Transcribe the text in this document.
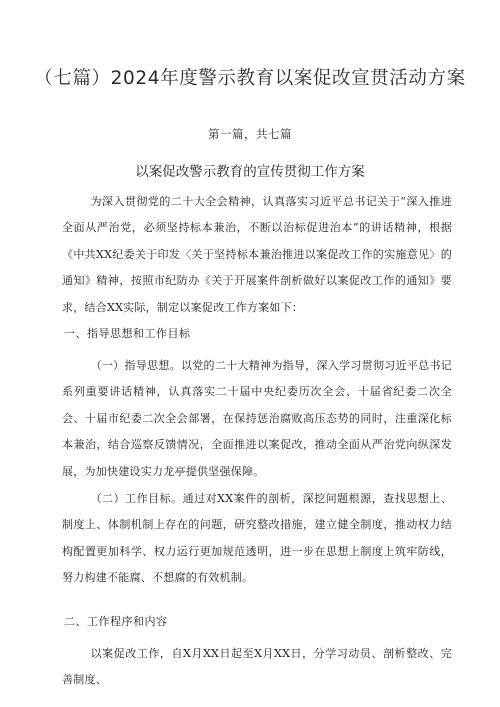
（七篇）2024年度警示教育以案促改宣贯活动方案
第一篇，共七篇
以案促改警示教育的宣传贯彻工作方案

为深入贯彻党的二十大全会精神，认真落实习近平总书记关于“深入推进全面从严治党，必须坚持标本兼治，不断以治标促进治本”的讲话精神，根据《中共XX纪委关于印发〈关于坚持标本兼治推进以案促改工作的实施意见〉的通知》精神，按照市纪防办《关于开展案件剖析做好以案促改工作的通知》要求，结合XX实际，制定以案促改工作方案如下：

一、指导思想和工作目标

（一）指导思想。以党的二十大精神为指导，深入学习贯彻习近平总书记系列重要讲话精神，认真落实二十届中央纪委历次全会、十届省纪委二次全会、十届市纪委二次全会部署，在保持惩治腐败高压态势的同时，注重深化标本兼治，结合巡察反馈情况，全面推进以案促改，推动全面从严治党向纵深发展，为加快建设实力龙亭提供坚强保障。

（二）工作目标。通过对XX案件的剖析，深挖问题根源，查找思想上、制度上、体制机制上存在的问题，研究整改措施，建立健全制度，推动权力结构配置更加科学、权力运行更加规范透明，进一步在思想上制度上筑牢防线，努力构建不能腐、不想腐的有效机制。

二、工作程序和内容

以案促改工作，自X月XX日起至X月XX日，分学习动员、剖析整改、完善制度、
